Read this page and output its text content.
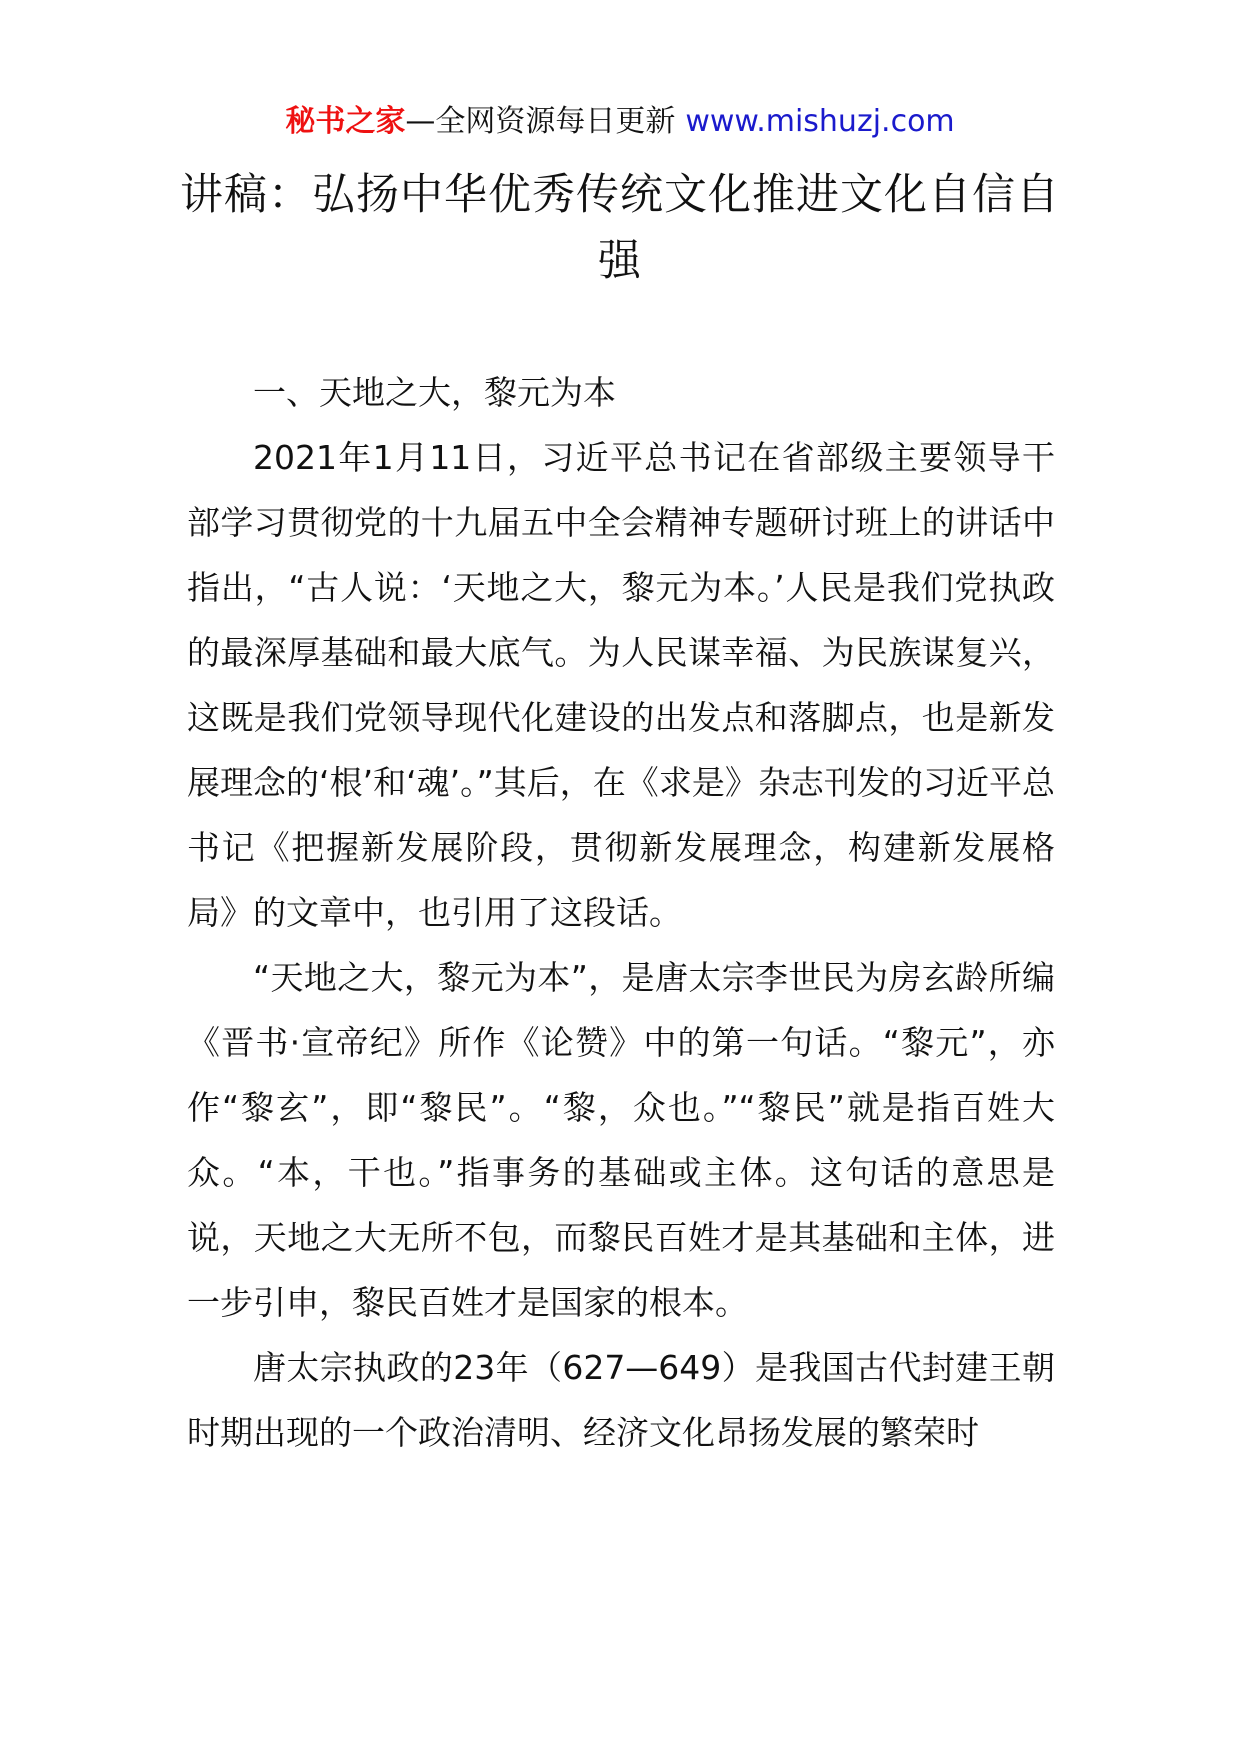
秘书之家—全网资源每日更新 www.mishuzj.com
讲稿：弘扬中华优秀传统文化推进文化自信自强

一、天地之大，黎元为本

2021年1月11日，习近平总书记在省部级主要领导干部学习贯彻党的十九届五中全会精神专题研讨班上的讲话中指出，“古人说：‘天地之大，黎元为本。’人民是我们党执政的最深厚基础和最大底气。为人民谋幸福、为民族谋复兴，这既是我们党领导现代化建设的出发点和落脚点，也是新发展理念的‘根’和‘魂’。”其后，在《求是》杂志刊发的习近平总书记《把握新发展阶段，贯彻新发展理念，构建新发展格局》的文章中，也引用了这段话。

“天地之大，黎元为本”，是唐太宗李世民为房玄龄所编《晋书·宣帝纪》所作《论赞》中的第一句话。“黎元”，亦作“黎玄”，即“黎民”。“黎，众也。”“黎民”就是指百姓大众。“本，干也。”指事务的基础或主体。这句话的意思是说，天地之大无所不包，而黎民百姓才是其基础和主体，进一步引申，黎民百姓才是国家的根本。

唐太宗执政的23年（627—649）是我国古代封建王朝时期出现的一个政治清明、经济文化昂扬发展的繁荣时
